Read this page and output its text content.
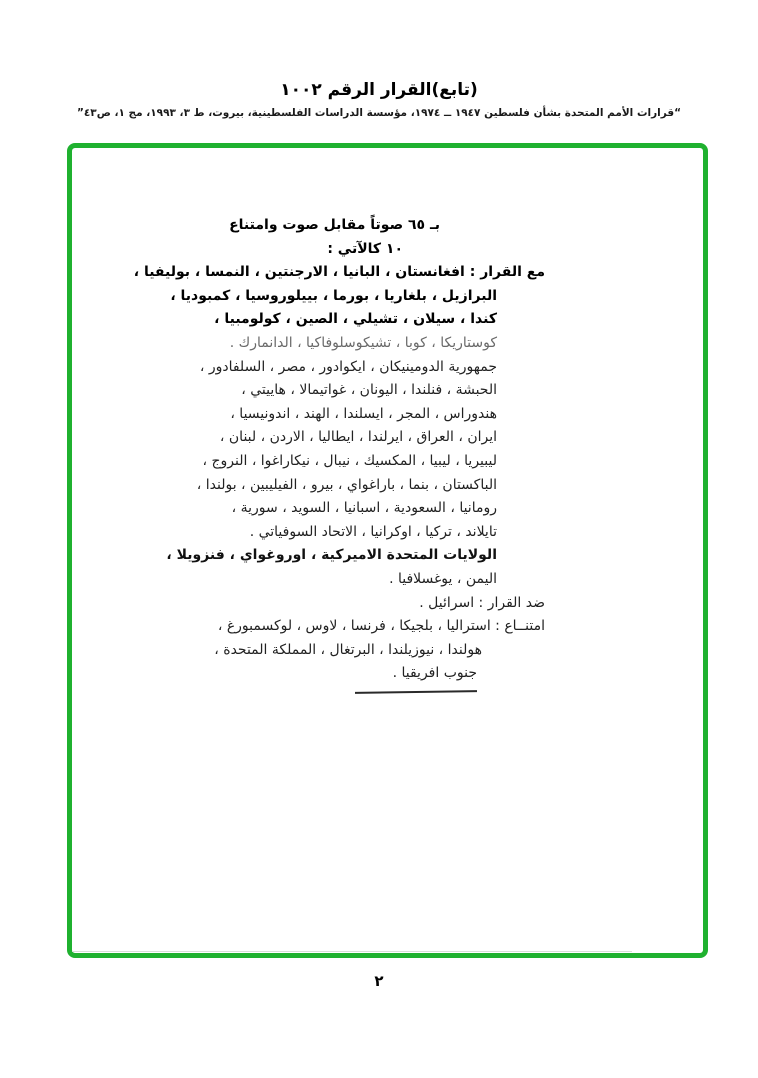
(تابع)القرار الرقم ١٠٠٢
“قرارات الأمم المتحدة بشأن فلسطين ١٩٤٧ ــ ١٩٧٤، مؤسسة الدراسات الفلسطينية، بيروت، ط ٣، ١٩٩٣، مج ١، ص٤٣”
بـ ٦٥ صوتاً مقابل صوت وامتناع
١٠ كالآتي :
مع القرار : افغانستان ، البانيا ، الارجنتين ، النمسا ، بوليفيا ،
البرازيل ، بلغاريا ، بورما ، بييلوروسيا ، كمبوديا ،
كندا ، سيلان ، تشيلي ، الصين ، كولومبيا ،
كوستاريكا ، كوبا ، تشيكوسلوفاكيا ، الدانمارك .
جمهورية الدومينيكان ، ايكوادور ، مصر ، السلفادور ،
الحبشة ، فنلندا ، اليونان ، غواتيمالا ، هاييتي ،
هندوراس ، المجر ، ايسلندا ، الهند ، اندونيسيا ،
ايران ، العراق ، ايرلندا ، ايطاليا ، الاردن ، لبنان ،
ليبيريا ، ليبيا ، المكسيك ، نيبال ، نيكاراغوا ، النروج ،
الباكستان ، بنما ، باراغواي ، بيرو ، الفيليبين ، بولندا ،
رومانيا ، السعودية ، اسبانيا ، السويد ، سورية ،
تايلاند ، تركيا ، اوكرانيا ، الاتحاد السوفياتي .
الولايات المتحدة الاميركية ، اوروغواي ، فنزويلا ،
اليمن ، يوغسلافيا .
ضد القرار : اسرائيل .
امتنــاع : استراليا ، بلجيكا ، فرنسا ، لاوس ، لوكسمبورغ ،
هولندا ، نيوزيلندا ، البرتغال ، المملكة المتحدة ،
جنوب افريقيا .
٢
